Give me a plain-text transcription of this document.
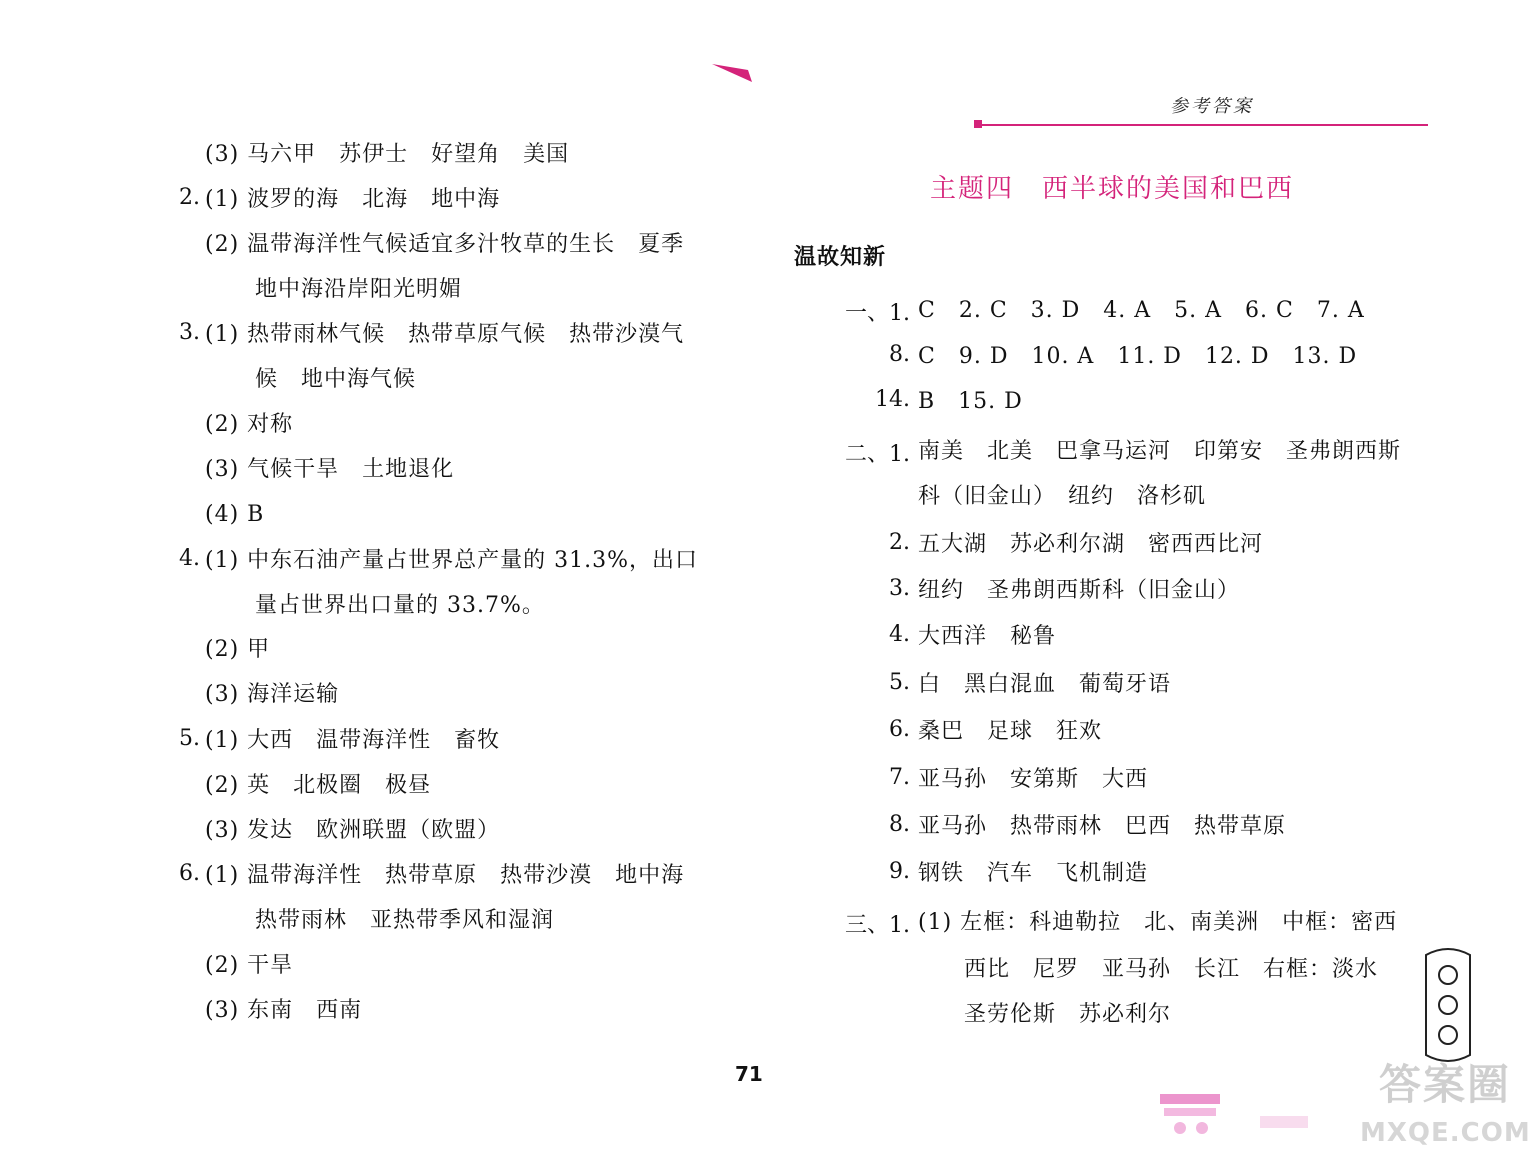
(3) 马六甲　苏伊士　好望角　美国
2. (1) 波罗的海　北海　地中海
(2) 温带海洋性气候适宜多汁牧草的生长　夏季
地中海沿岸阳光明媚
3. (1) 热带雨林气候　热带草原气候　热带沙漠气
候　地中海气候
(2) 对称
(3) 气候干旱　土地退化
(4) B
4. (1) 中东石油产量占世界总产量的 31.3%，出口
量占世界出口量的 33.7%。
(2) 甲
(3) 海洋运输
5. (1) 大西　温带海洋性　畜牧
(2) 英　北极圈　极昼
(3) 发达　欧洲联盟（欧盟）
6. (1) 温带海洋性　热带草原　热带沙漠　地中海
热带雨林　亚热带季风和湿润
(2) 干旱
(3) 东南　西南
71
参考答案
主题四　西半球的美国和巴西
温故知新
一、1. C　2. C　3. D　4. A　5. A　6. C　7. A
8. C　9. D　10. A　11. D　12. D　13. D
14. B　15. D
二、1. 南美　北美　巴拿马运河　印第安　圣弗朗西斯
科（旧金山）　纽约　洛杉矶
2. 五大湖　苏必利尔湖　密西西比河
3. 纽约　圣弗朗西斯科（旧金山）
4. 大西洋　秘鲁
5. 白　黑白混血　葡萄牙语
6. 桑巴　足球　狂欢
7. 亚马孙　安第斯　大西
8. 亚马孙　热带雨林　巴西　热带草原
9. 钢铁　汽车　飞机制造
三、1. (1) 左框：科迪勒拉　北、南美洲　中框：密西
西比　尼罗　亚马孙　长江　右框：淡水
圣劳伦斯　苏必利尔
答案圈
MXQE.COM
